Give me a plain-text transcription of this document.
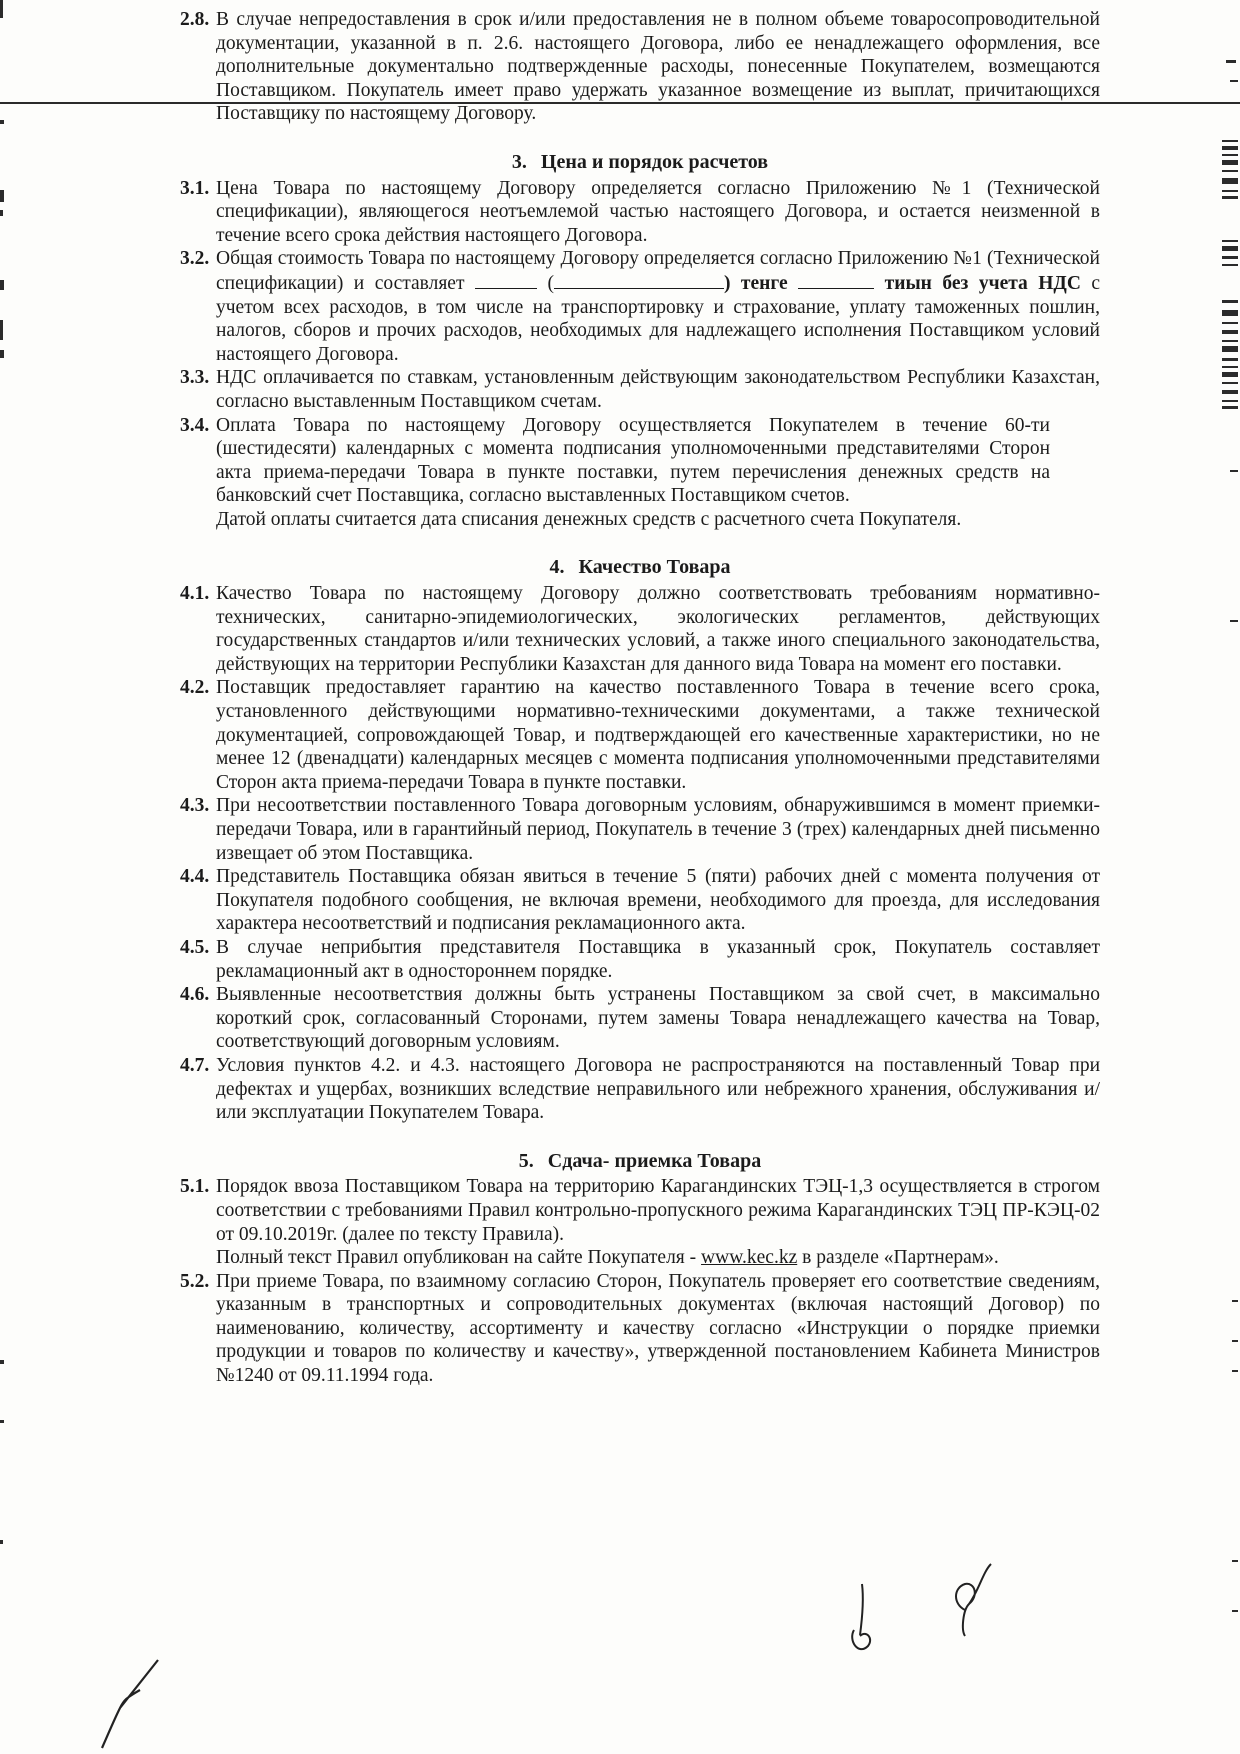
2.8. В случае непредоставления в срок и/или предоставления не в полном объеме товаросопроводительной документации, указанной в п. 2.6. настоящего Договора, либо ее ненадлежащего оформления, все дополнительные документально подтвержденные расходы, понесенные Покупателем, возмещаются Поставщиком. Покупатель имеет право удержать указанное возмещение из выплат, причитающихся Поставщику по настоящему Договору.

3. Цена и порядок расчетов
3.1. Цена Товара по настоящему Договору определяется согласно Приложению №1 (Технической спецификации), являющегося неотъемлемой частью настоящего Договора, и остается неизменной в течение всего срока действия настоящего Договора.

3.2. Общая стоимость Товара по настоящему Договору определяется согласно Приложению №1 (Технической спецификации) и составляет	(	) тенге	тиын без учета НДС с учетом всех расходов, в том числе на транспортировку и страхование, уплату таможенных пошлин, налогов, сборов и прочих расходов, необходимых для надлежащего исполнения Поставщиком условий настоящего Договора.

3.3. НДС оплачивается по ставкам, установленным действующим законодательством Республики Казахстан, согласно выставленным Поставщиком счетам.

3.4. Оплата Товара по настоящему Договору осуществляется Покупателем в течение 60-ти (шестидесяти) календарных с момента подписания уполномоченными представителями Сторон акта приема-передачи Товара в пункте поставки, путем перечисления денежных средств на банковский счет Поставщика, согласно выставленных Поставщиком счетов.

Датой оплаты считается дата списания денежных средств с расчетного счета Покупателя.

4. Качество Товара
4.1. Качество Товара по настоящему Договору должно соответствовать требованиям нормативно-технических, санитарно-эпидемиологических, экологических регламентов, действующих государственных стандартов и/или технических условий, а также иного специального законодательства, действующих на территории Республики Казахстан для данного вида Товара на момент его поставки.

4.2. Поставщик предоставляет гарантию на качество поставленного Товара в течение всего срока, установленного действующими нормативно-техническими документами, а также технической документацией, сопровождающей Товар, и подтверждающей его качественные характеристики, но не менее 12 (двенадцати) календарных месяцев с момента подписания уполномоченными представителями Сторон акта приема-передачи Товара в пункте поставки.

4.3. При несоответствии поставленного Товара договорным условиям, обнаружившимся в момент приемки-передачи Товара, или в гарантийный период, Покупатель в течение 3 (трех) календарных дней письменно извещает об этом Поставщика.

4.4. Представитель Поставщика обязан явиться в течение 5 (пяти) рабочих дней с момента получения от Покупателя подобного сообщения, не включая времени, необходимого для проезда, для исследования характера несоответствий и подписания рекламационного акта.

4.5. В случае неприбытия представителя Поставщика в указанный срок, Покупатель составляет рекламационный акт в одностороннем порядке.

4.6. Выявленные несоответствия должны быть устранены Поставщиком за свой счет, в максимально короткий срок, согласованный Сторонами, путем замены Товара ненадлежащего качества на Товар, соответствующий договорным условиям.

4.7. Условия пунктов 4.2. и 4.3. настоящего Договора не распространяются на поставленный Товар при дефектах и ущербах, возникших вследствие неправильного или небрежного хранения, обслуживания и/или эксплуатации Покупателем Товара.

5. Сдача- приемка Товара
5.1. Порядок ввоза Поставщиком Товара на территорию Карагандинских ТЭЦ-1,3 осуществляется в строгом соответствии с требованиями Правил контрольно-пропускного режима Карагандинских ТЭЦ ПР-КЭЦ-02 от 09.10.2019г. (далее по тексту Правила).

Полный текст Правил опубликован на сайте Покупателя - www.kec.kz в разделе «Партнерам».

5.2. При приеме Товара, по взаимному согласию Сторон, Покупатель проверяет его соответствие сведениям, указанным в транспортных и сопроводительных документах (включая настоящий Договор) по наименованию, количеству, ассортименту и качеству согласно «Инструкции о порядке приемки продукции и товаров по количеству и качеству», утвержденной постановлением Кабинета Министров №1240 от 09.11.1994 года.
